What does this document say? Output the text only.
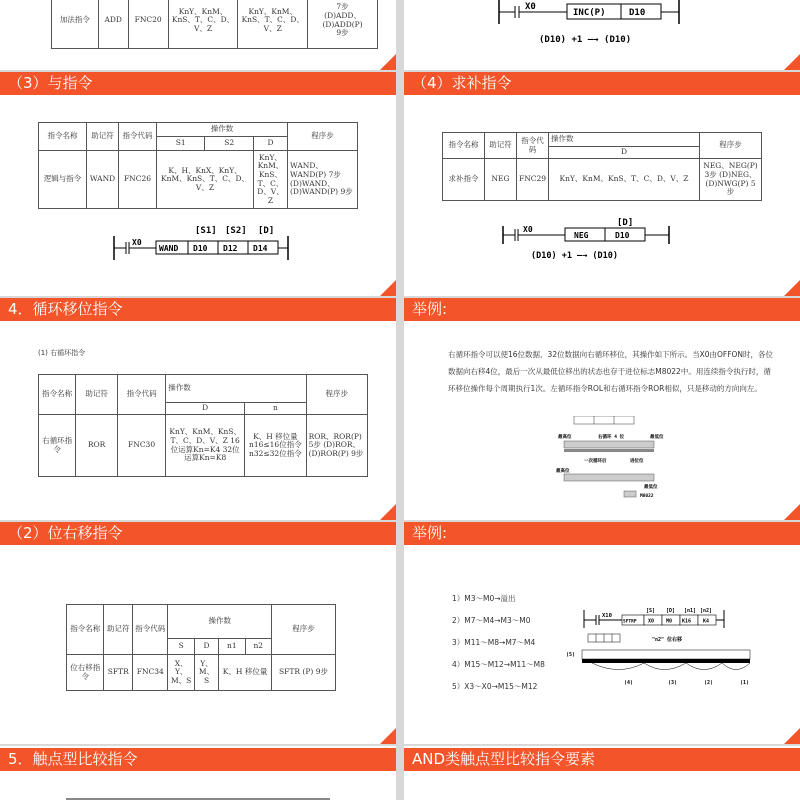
加法指令	ADD	FNC20	KnY、KnM、KnS、T、C、D、V、Z	KnY、KnM、KnS、T、C、D、V、Z	
7步
(D)ADD、(D)ADD(P)
9步
X0
INC(P)	D10
(D10) +1 —→ (D10)
（3）与指令
指令名称	助记符	指令代码	操作数			程序步
			S1	S2	D	
逻辑与指令	WAND	FNC26	K、H、KnX、KnY、KnM、KnS、T、C、D、V、Z		KnY、KnM、KnS、T、C、D、V、Z	WAND、WAND(P) 7步 (D)WAND、(D)WAND(P) 9步
[S1] [S2] [D]
X0
WAND D10 D12 D14
（4）求补指令
指令名称	助记符	指令代码	操作数	程序步
			D	
求补指令	NEG	FNC29	KnY、KnM、KnS、T、C、D、V、Z	NEG、NEG(P) 3步 (D)NEG、(D)NWG(P) 5步
[D]
X0
NEG	D10
(D10) +1 —→ (D10)
4．循环移位指令
(1) 右循环指令
指令名称	助记符	指令代码	操作数		程序步
			D	n	
右循环指令	ROR	FNC30	KnY、KnM、KnS、T、C、D、V、Z 16位运算Kn=K4 32位运算Kn=K8	K、H 移位量 n16≤16位指令 n32≤32位指令	ROR、ROR(P) 5步 (D)ROR、(D)ROR(P) 9步
举例:
右循环指令可以使16位数据、32位数据向右循环移位，其操作如下所示。当X0由OFFON时，各位数据向右移4位，最后一次从最低位移出的状态也存于进位标志M8022中。用连续指令执行时，循环移位操作每个周期执行1次。左循环指令ROL和右循环指令ROR相似，只是移动的方向向左。
最高位	右循环 4 位	最低位
一次循环后	进位位
最高位
最低位
M8022
（2）位右移指令
指令名称	助记符	指令代码	操作数				程序步
			S	D	n1	n2	
位右移指令	SFTR	FNC34	X、Y、M、S	Y、M、S	K、H 移位量		SFTR (P) 9步
举例:
1）M3～M0→溢出
2）M7～M4→M3～M0
3）M11～M8→M7～M4
4）M15～M12→M11～M8
5）X3～X0→M15～M12
[S] [D] [n1] [n2]
X10
SFTRP X0 M0 K16 K4
"n2" 位右移
(5)
(4)	(3)	(2)	(1)
5．触点型比较指令	AND类触点型比较指令要素
